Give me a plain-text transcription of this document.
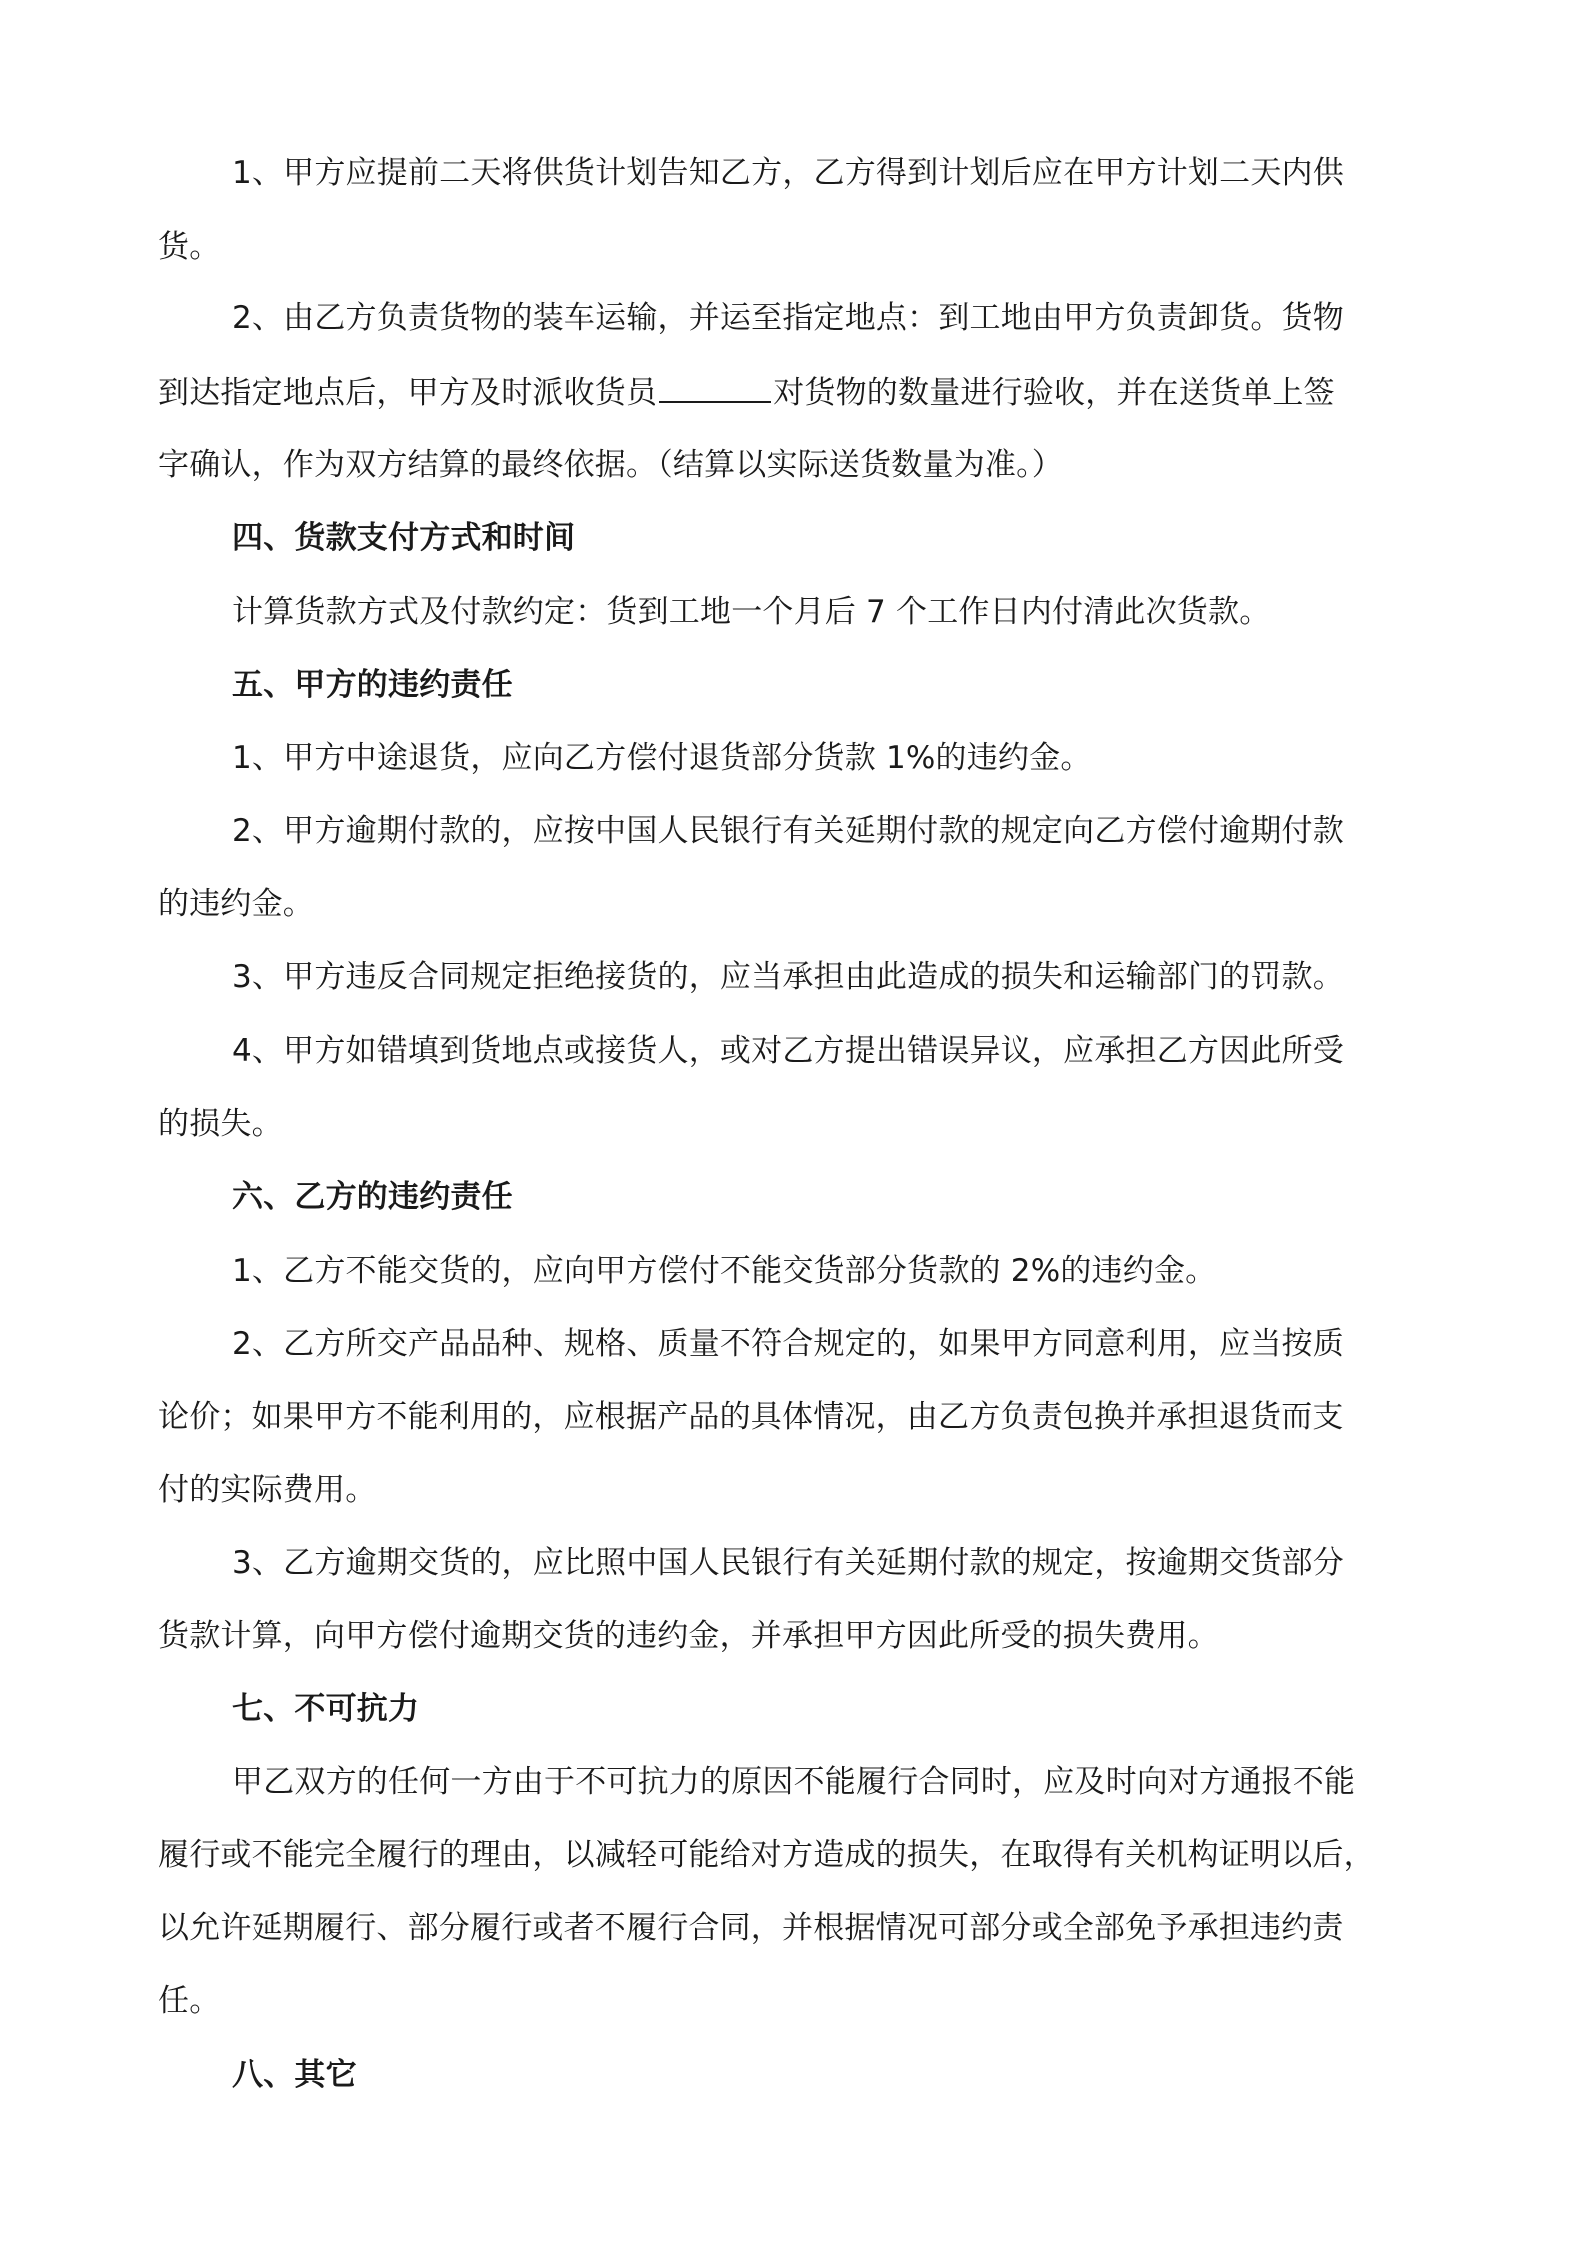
1、甲方应提前二天将供货计划告知乙方，乙方得到计划后应在甲方计划二天内供
货。
2、由乙方负责货物的装车运输，并运至指定地点：到工地由甲方负责卸货。货物
到达指定地点后，甲方及时派收货员	对货物的数量进行验收，并在送货单上签
字确认，作为双方结算的最终依据。（结算以实际送货数量为准。）
四、货款支付方式和时间
计算货款方式及付款约定：货到工地一个月后 7 个工作日内付清此次货款。
五、甲方的违约责任
1、甲方中途退货，应向乙方偿付退货部分货款 1%的违约金。
2、甲方逾期付款的，应按中国人民银行有关延期付款的规定向乙方偿付逾期付款
的违约金。
3、甲方违反合同规定拒绝接货的，应当承担由此造成的损失和运输部门的罚款。
4、甲方如错填到货地点或接货人，或对乙方提出错误异议，应承担乙方因此所受
的损失。
六、乙方的违约责任
1、乙方不能交货的，应向甲方偿付不能交货部分货款的 2%的违约金。
2、乙方所交产品品种、规格、质量不符合规定的，如果甲方同意利用，应当按质
论价；如果甲方不能利用的，应根据产品的具体情况，由乙方负责包换并承担退货而支
付的实际费用。
3、乙方逾期交货的，应比照中国人民银行有关延期付款的规定，按逾期交货部分
货款计算，向甲方偿付逾期交货的违约金，并承担甲方因此所受的损失费用。
七、不可抗力
甲乙双方的任何一方由于不可抗力的原因不能履行合同时，应及时向对方通报不能
履行或不能完全履行的理由，以减轻可能给对方造成的损失，在取得有关机构证明以后，
以允许延期履行、部分履行或者不履行合同，并根据情况可部分或全部免予承担违约责
任。
八、其它
